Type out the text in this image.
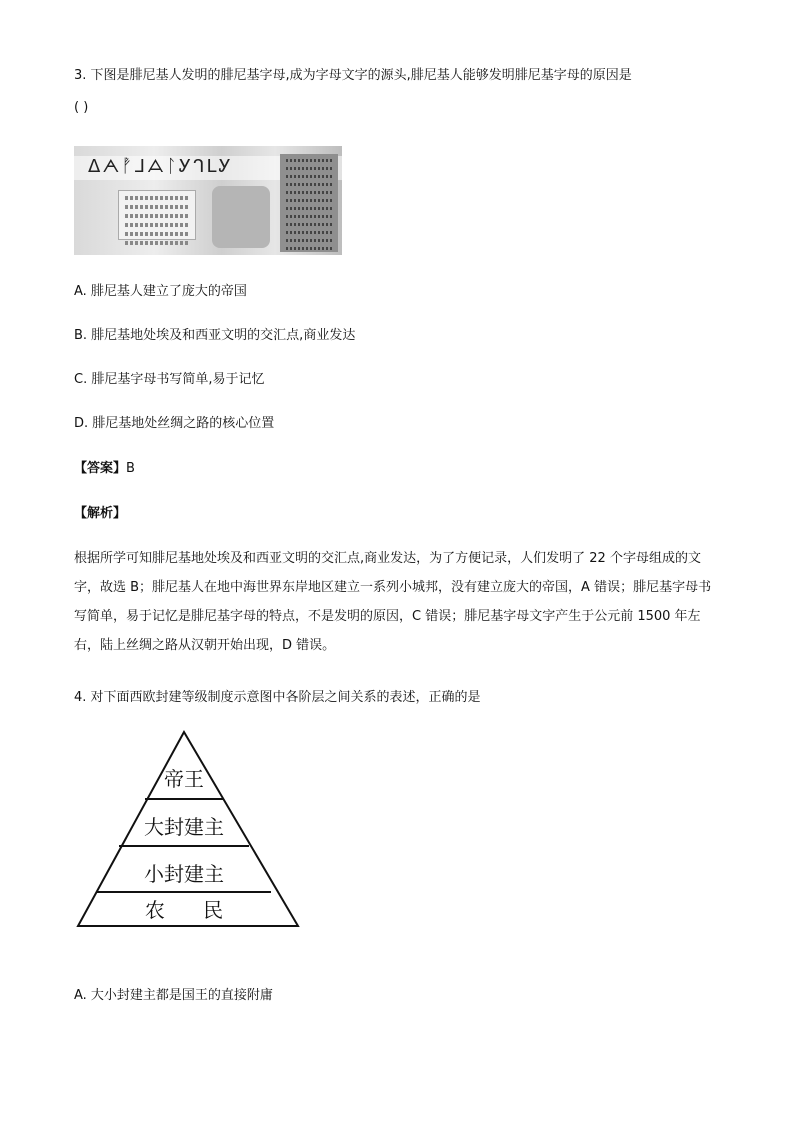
3. 下图是腓尼基人发明的腓尼基字母,成为字母文字的源头,腓尼基人能够发明腓尼基字母的原因是
( )
ᐃᗅᚡᒧᗋᛚᎩᒉᒪᎩ
A. 腓尼基人建立了庞大的帝国
B. 腓尼基地处埃及和西亚文明的交汇点,商业发达
C. 腓尼基字母书写简单,易于记忆
D. 腓尼基地处丝绸之路的核心位置
【答案】B
【解析】
根据所学可知腓尼基地处埃及和西亚文明的交汇点,商业发达，为了方便记录，人们发明了 22 个字母组成的文字，故选 B；腓尼基人在地中海世界东岸地区建立一系列小城邦，没有建立庞大的帝国，A 错误；腓尼基字母书写简单，易于记忆是腓尼基字母的特点，不是发明的原因，C 错误；腓尼基字母文字产生于公元前 1500 年左右，陆上丝绸之路从汉朝开始出现，D 错误。
4. 对下面西欧封建等级制度示意图中各阶层之间关系的表述，正确的是
帝王
大封建主
小封建主
农      民
A. 大小封建主都是国王的直接附庸
